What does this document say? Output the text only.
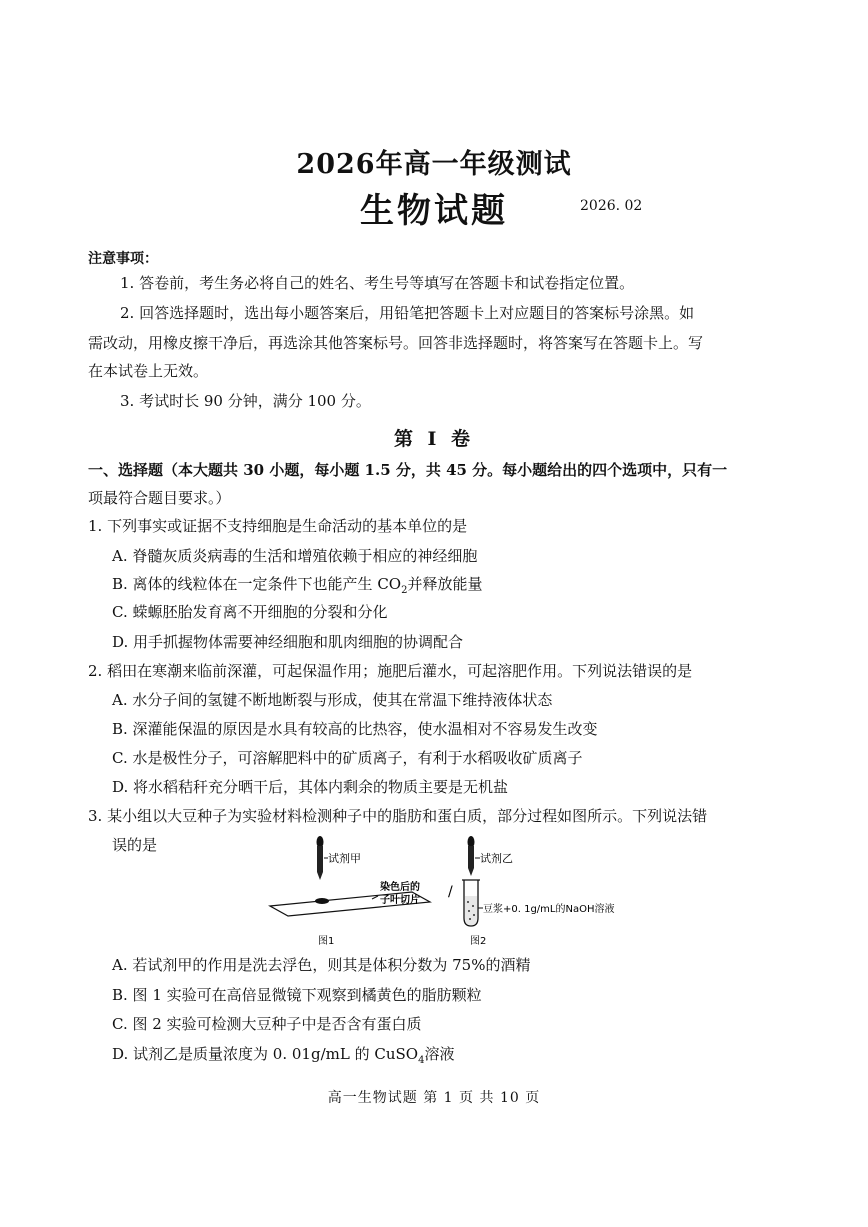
2026年高一年级测试
生物试题	2026. 02
注意事项：
1. 答卷前，考生务必将自己的姓名、考生号等填写在答题卡和试卷指定位置。
2. 回答选择题时，选出每小题答案后，用铅笔把答题卡上对应题目的答案标号涂黑。如
需改动，用橡皮擦干净后，再选涂其他答案标号。回答非选择题时，将答案写在答题卡上。写
在本试卷上无效。
3. 考试时长 90 分钟，满分 100 分。
第 Ⅰ 卷
一、选择题（本大题共 30 小题，每小题 1.5 分，共 45 分。每小题给出的四个选项中，只有一
项最符合题目要求。）
1. 下列事实或证据不支持细胞是生命活动的基本单位的是
A. 脊髓灰质炎病毒的生活和增殖依赖于相应的神经细胞
B. 离体的线粒体在一定条件下也能产生 $CO_2$并释放能量
C. 蝾螈胚胎发育离不开细胞的分裂和分化
D. 用手抓握物体需要神经细胞和肌肉细胞的协调配合
2. 稻田在寒潮来临前深灌，可起保温作用；施肥后灌水，可起溶肥作用。下列说法错误的是
A. 水分子间的氢键不断地断裂与形成，使其在常温下维持液体状态
B. 深灌能保温的原因是水具有较高的比热容，使水温相对不容易发生改变
C. 水是极性分子，可溶解肥料中的矿质离子，有利于水稻吸收矿质离子
D. 将水稻秸秆充分晒干后，其体内剩余的物质主要是无机盐
3. 某小组以大豆种子为实验材料检测种子中的脂肪和蛋白质，部分过程如图所示。下列说法错
误的是
试剂甲
染色后的
子叶切片
/
试剂乙
豆浆+0. 1g/mL的NaOH溶液
图1	图2
A. 若试剂甲的作用是洗去浮色，则其是体积分数为 75%的酒精
B. 图 1 实验可在高倍显微镜下观察到橘黄色的脂肪颗粒
C. 图 2 实验可检测大豆种子中是否含有蛋白质
D. 试剂乙是质量浓度为 0. 01g/mL 的 CuSO$_4$溶液
高一生物试题 第 1 页 共 10 页
